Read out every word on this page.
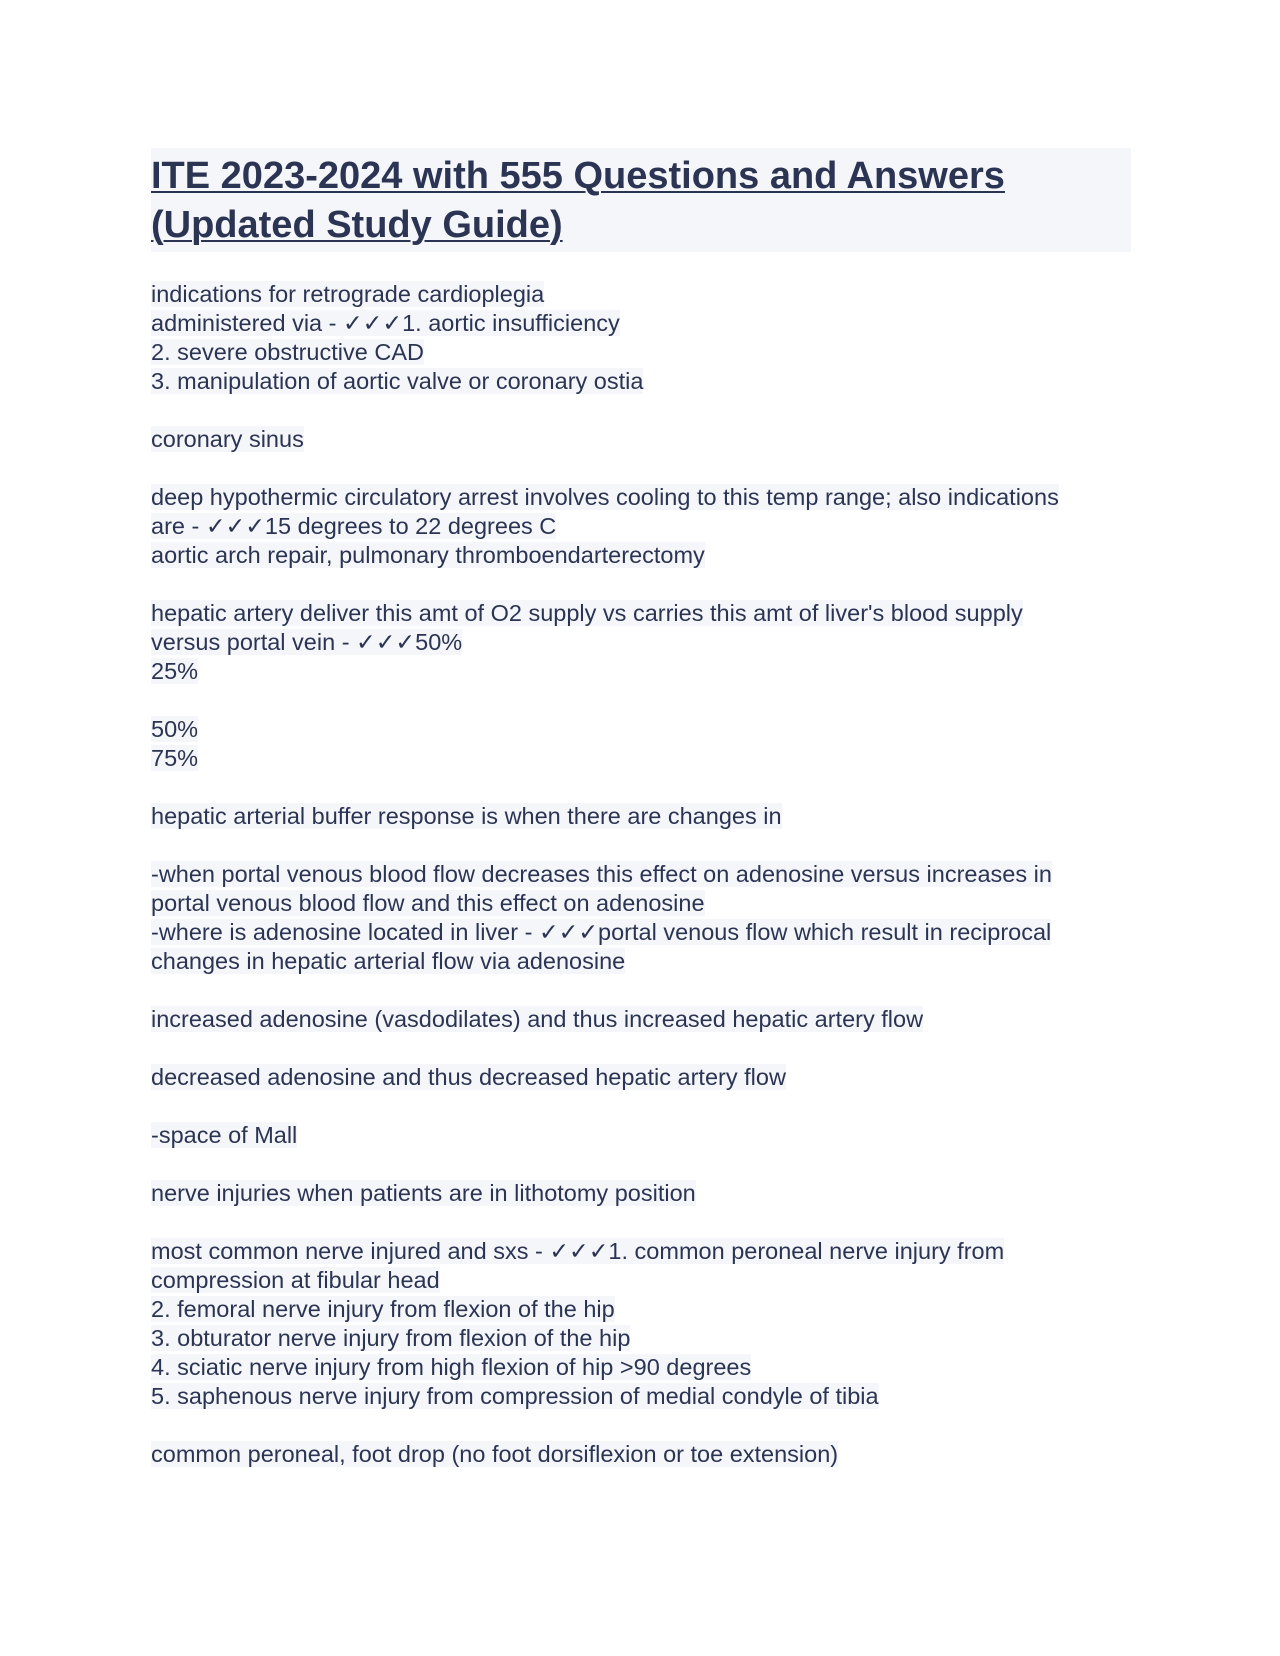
ITE 2023-2024 with 555 Questions and Answers
(Updated Study Guide)
indications for retrograde cardioplegia
administered via - ✓✓✓1. aortic insufficiency
2. severe obstructive CAD
3. manipulation of aortic valve or coronary ostia
coronary sinus
deep hypothermic circulatory arrest involves cooling to this temp range; also indications
are - ✓✓✓15 degrees to 22 degrees C
aortic arch repair, pulmonary thromboendarterectomy
hepatic artery deliver this amt of O2 supply vs carries this amt of liver's blood supply
versus portal vein - ✓✓✓50%
25%
50%
75%
hepatic arterial buffer response is when there are changes in
-when portal venous blood flow decreases this effect on adenosine versus increases in
portal venous blood flow and this effect on adenosine
-where is adenosine located in liver - ✓✓✓portal venous flow which result in reciprocal
changes in hepatic arterial flow via adenosine
increased adenosine (vasdodilates) and thus increased hepatic artery flow
decreased adenosine and thus decreased hepatic artery flow
-space of Mall
nerve injuries when patients are in lithotomy position
most common nerve injured and sxs - ✓✓✓1. common peroneal nerve injury from
compression at fibular head
2. femoral nerve injury from flexion of the hip
3. obturator nerve injury from flexion of the hip
4. sciatic nerve injury from high flexion of hip >90 degrees
5. saphenous nerve injury from compression of medial condyle of tibia
common peroneal, foot drop (no foot dorsiflexion or toe extension)
